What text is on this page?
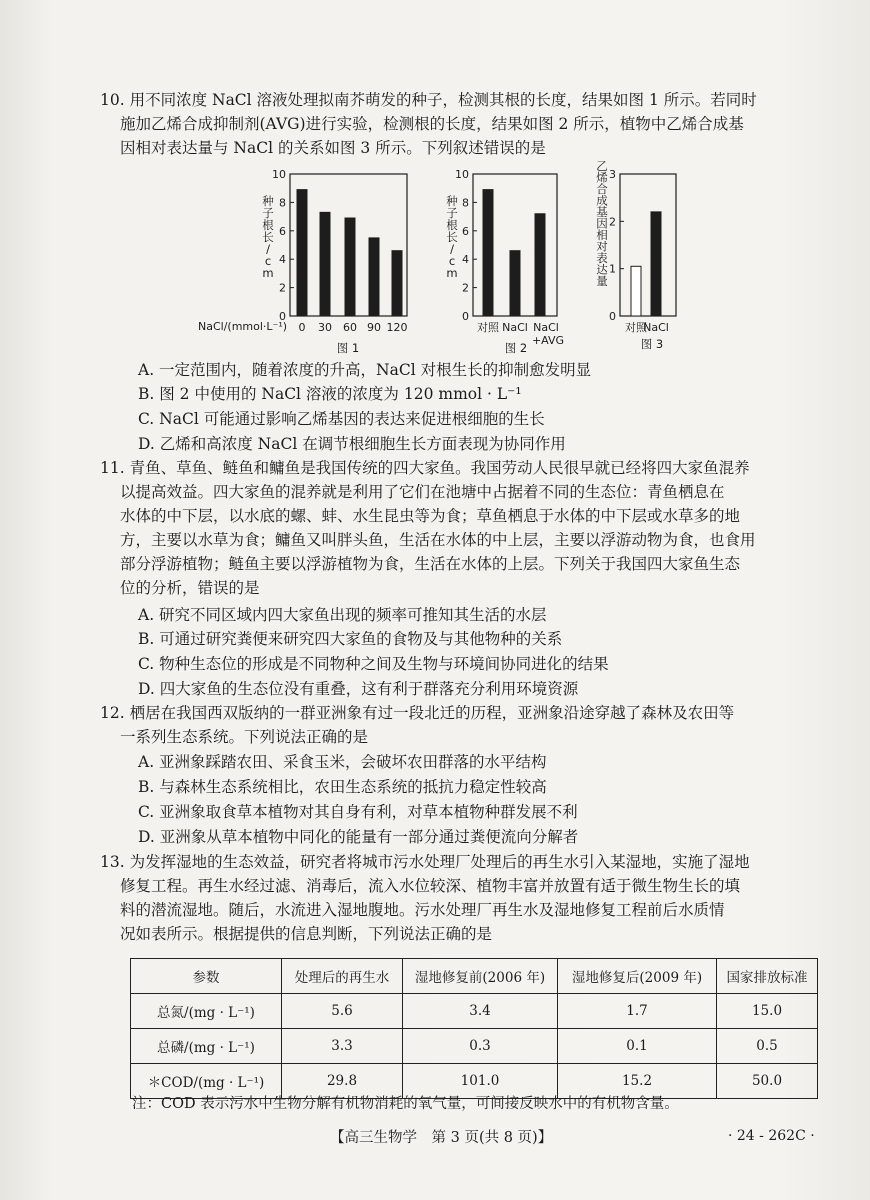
10. 用不同浓度 NaCl 溶液处理拟南芥萌发的种子，检测其根的长度，结果如图 1 所示。若同时
施加乙烯合成抑制剂(AVG)进行实验，检测根的长度，结果如图 2 所示，植物中乙烯合成基
因相对表达量与 NaCl 的关系如图 3 所示。下列叙述错误的是
0
2
4
6
8
10
0 30 60 90 120
种子根长/ c m
NaCl/(mmol·L⁻¹)
图 1
0
2
4
6
8
10
对照 NaCl NaCl
+AVG
种子根长/ c m
图 2
0
1
2
3
对照
NaCl
乙烯合成基因相对表达量
图 3
A. 一定范围内，随着浓度的升高，NaCl 对根生长的抑制愈发明显
B. 图 2 中使用的 NaCl 溶液的浓度为 120 mmol · L⁻¹
C. NaCl 可能通过影响乙烯基因的表达来促进根细胞的生长
D. 乙烯和高浓度 NaCl 在调节根细胞生长方面表现为协同作用
11. 青鱼、草鱼、鲢鱼和鳙鱼是我国传统的四大家鱼。我国劳动人民很早就已经将四大家鱼混养
以提高效益。四大家鱼的混养就是利用了它们在池塘中占据着不同的生态位：青鱼栖息在
水体的中下层，以水底的螺、蚌、水生昆虫等为食；草鱼栖息于水体的中下层或水草多的地
方，主要以水草为食；鳙鱼又叫胖头鱼，生活在水体的中上层，主要以浮游动物为食，也食用
部分浮游植物；鲢鱼主要以浮游植物为食，生活在水体的上层。下列关于我国四大家鱼生态
位的分析，错误的是
A. 研究不同区域内四大家鱼出现的频率可推知其生活的水层
B. 可通过研究粪便来研究四大家鱼的食物及与其他物种的关系
C. 物种生态位的形成是不同物种之间及生物与环境间协同进化的结果
D. 四大家鱼的生态位没有重叠，这有利于群落充分利用环境资源
12. 栖居在我国西双版纳的一群亚洲象有过一段北迁的历程，亚洲象沿途穿越了森林及农田等
一系列生态系统。下列说法正确的是
A. 亚洲象踩踏农田、采食玉米，会破坏农田群落的水平结构
B. 与森林生态系统相比，农田生态系统的抵抗力稳定性较高
C. 亚洲象取食草本植物对其自身有利，对草本植物种群发展不利
D. 亚洲象从草本植物中同化的能量有一部分通过粪便流向分解者
13. 为发挥湿地的生态效益，研究者将城市污水处理厂处理后的再生水引入某湿地，实施了湿地
修复工程。再生水经过滤、消毒后，流入水位较深、植物丰富并放置有适于微生物生长的填
料的潜流湿地。随后，水流进入湿地腹地。污水处理厂再生水及湿地修复工程前后水质情
况如表所示。根据提供的信息判断，下列说法正确的是
参数	处理后的再生水	湿地修复前(2006 年)	湿地修复后(2009 年)	国家排放标准
总氮/(mg · L⁻¹)	5.6	3.4	1.7	15.0
总磷/(mg · L⁻¹)	3.3	0.3	0.1	0.5
＊COD/(mg · L⁻¹)	29.8	101.0	15.2	50.0
注：COD 表示污水中生物分解有机物消耗的氧气量，可间接反映水中的有机物含量。
【高三生物学　第 3 页(共 8 页)】	· 24 - 262C ·
